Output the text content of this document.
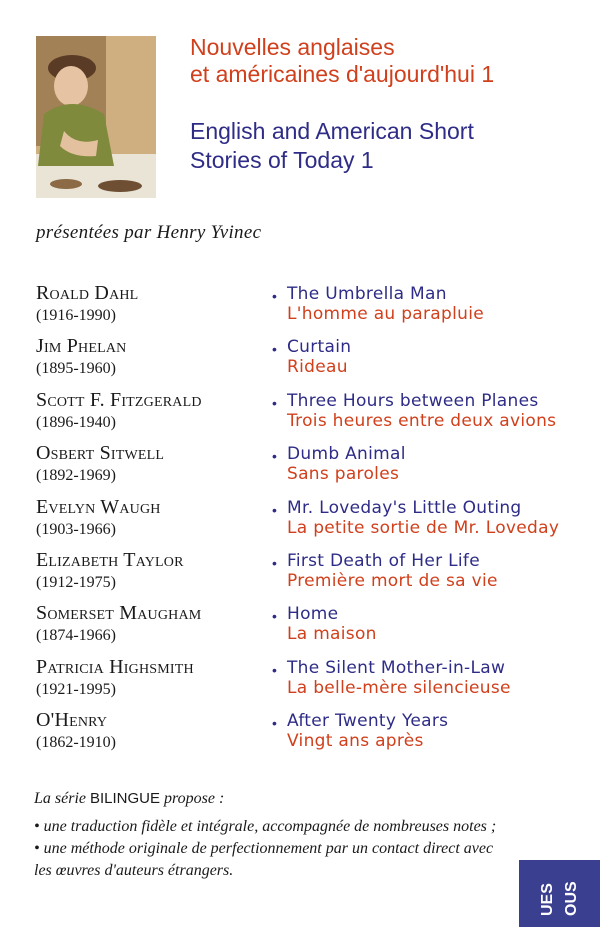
Nouvelles anglaises
et américaines d'aujourd'hui 1
English and American Short
Stories of Today 1
présentées par Henry Yvinec
Roald Dahl
(1916-1990)
• The Umbrella Man
L'homme au parapluie
Jim Phelan
(1895-1960)
• Curtain
Rideau
Scott F. Fitzgerald
(1896-1940)
• Three Hours between Planes
Trois heures entre deux avions
Osbert Sitwell
(1892-1969)
• Dumb Animal
Sans paroles
Evelyn Waugh
(1903-1966)
• Mr. Loveday's Little Outing
La petite sortie de Mr. Loveday
Elizabeth Taylor
(1912-1975)
• First Death of Her Life
Première mort de sa vie
Somerset Maugham
(1874-1966)
• Home
La maison
Patricia Highsmith
(1921-1995)
• The Silent Mother-in-Law
La belle-mère silencieuse
O'Henry
(1862-1910)
• After Twenty Years
Vingt ans après

La série BILINGUE propose :

• une traduction fidèle et intégrale, accompagnée de nombreuses notes ;

• une méthode originale de perfectionnement par un contact direct avec les œuvres d'auteurs étrangers.

UES OUS
